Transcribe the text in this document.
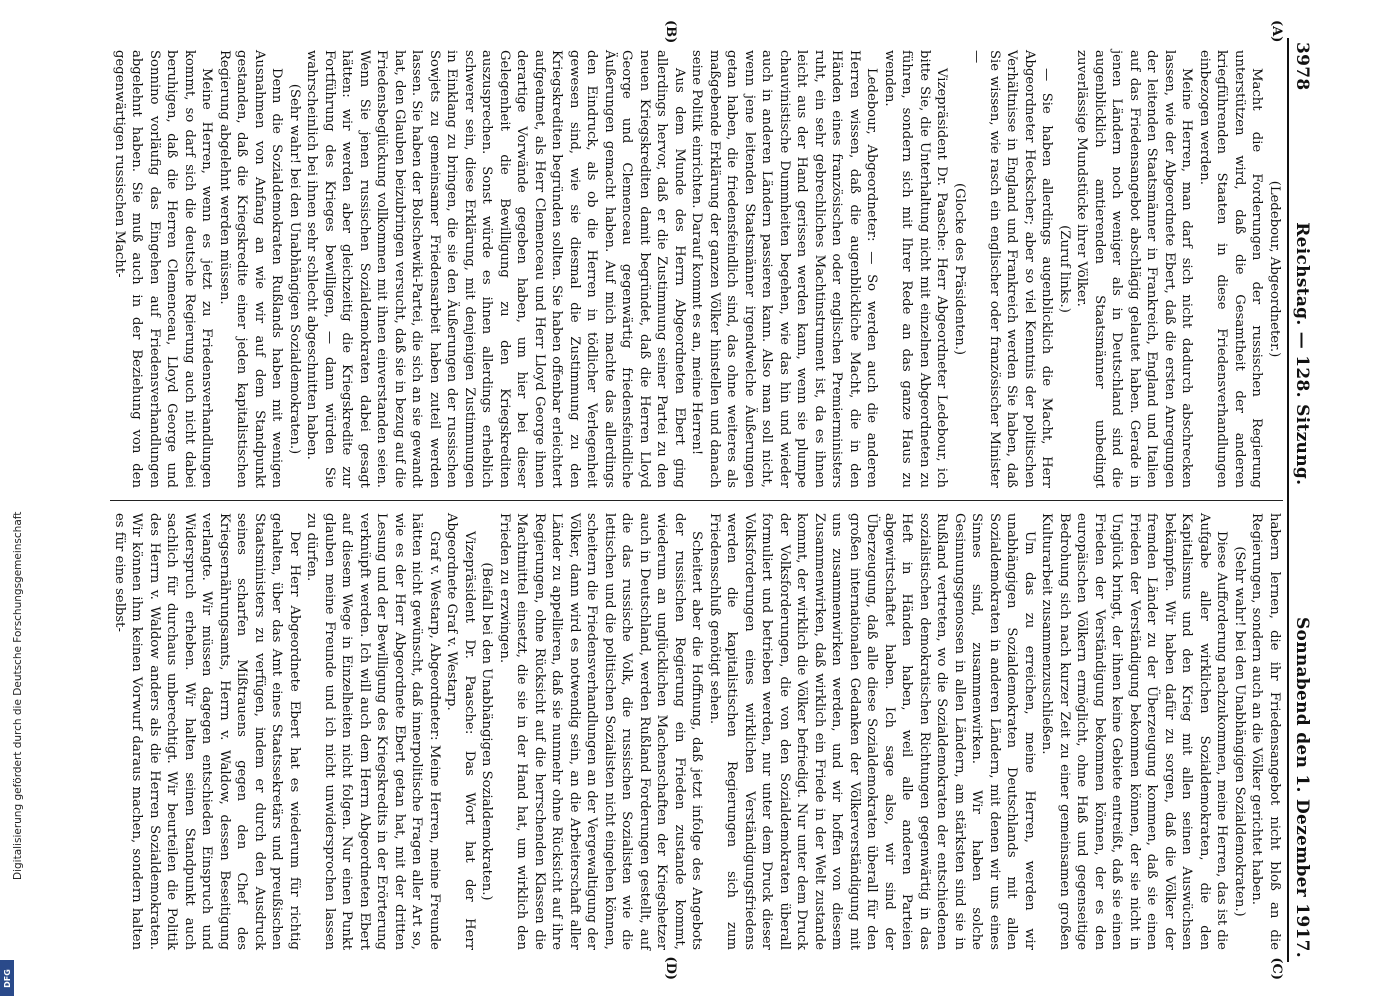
3978
Reichstag. — 128. Sitzung.
Sonnabend den 1. Dezember 1917.

(Ledebour, Abgeordneter.)

Macht die Forderungen der russischen Regierung unterstützen wird, daß die Gesamtheit der anderen kriegführenden Staaten in diese Friedensverhandlungen einbezogen werden.

Meine Herren, man darf sich nicht dadurch abschrecken lassen, wie der Abgeordnete Ebert, daß die ersten Anregungen der leitenden Staatsmänner in Frankreich, England und Italien auf das Friedensangebot abschlägig gelautet haben. Gerade in jenen Ländern noch weniger als in Deutschland sind die augenblicklich amtierenden Staatsmänner unbedingt zuverlässige Mundstücke ihrer Völker.

(Zuruf links.)

— Sie haben allerdings augenblicklich die Macht, Herr Abgeordneter Heckscher; aber so viel Kenntnis der politischen Verhältnisse in England und Frankreich werden Sie haben, daß Sie wissen, wie rasch ein englischer oder französischer Minister —

(Glocke des Präsidenten.)

Vizepräsident Dr. Paasche: Herr Abgeordneter Ledebour, ich bitte Sie, die Unterhaltung nicht mit einzelnen Abgeordneten zu führen, sondern sich mit Ihrer Rede an das ganze Haus zu wenden.

Ledebour, Abgeordneter: — So werden auch die anderen Herren wissen, daß die augenblickliche Macht, die in den Händen eines französischen oder englischen Premierministers ruht, ein sehr gebrechliches Machtinstrument ist, da es ihnen leicht aus der Hand gerissen werden kann, wenn sie plumpe chauvinistische Dummheiten begehen, wie das hin und wieder auch in anderen Ländern passieren kann. Also man soll nicht, wenn jene leitenden Staatsmänner irgendwelche Äußerungen getan haben, die friedensfeindlich sind, das ohne weiteres als maßgebende Erklärung der ganzen Völker hinstellen und danach seine Politik einrichten. Darauf kommt es an, meine Herren!

Aus dem Munde des Herrn Abgeordneten Ebert ging allerdings hervor, daß er die Zustimmung seiner Partei zu den neuen Kriegskrediten damit begründet, daß die Herren Lloyd George und Clemenceau gegenwärtig friedensfeindliche Äußerungen gemacht haben. Auf mich machte das allerdings den Eindruck, als ob die Herren in tödlicher Verlegenheit gewesen sind, wie sie diesmal die Zustimmung zu den Kriegskrediten begründen sollten. Sie haben offenbar erleichtert aufgeatmet, als Herr Clemenceau und Herr Lloyd George ihnen derartige Vorwände gegeben haben, um hier bei dieser Gelegenheit die Bewilligung zu den Kriegskrediten auszusprechen. Sonst würde es ihnen allerdings erheblich schwerer sein, diese Erklärung, mit denjenigen Zustimmungen in Einklang zu bringen, die sie den Äußerungen der russischen Sowjets zu gemeinsamer Friedensarbeit haben zuteil werden lassen. Sie haben der Bolschewiki-Partei, die sich an sie gewandt hat, den Glauben beizubringen versucht, daß sie in bezug auf die Friedensbeglückung vollkommen mit ihnen einverstanden seien. Wenn Sie jenen russischen Sozialdemokraten dabei gesagt hätten: wir werden aber gleichzeitig die Kriegskredite zur Fortführung des Krieges bewilligen, — dann würden Sie wahrscheinlich bei ihnen sehr schlecht abgeschnitten haben.

(Sehr wahr! bei den Unabhängigen Sozialdemokraten.)

Denn die Sozialdemokraten Rußlands haben mit wenigen Ausnahmen von Anfang an wie wir auf dem Standpunkt gestanden, daß die Kriegskredite einer jeden kapitalistischen Regierung abgelehnt werden müssen.

Meine Herren, wenn es jetzt zu Friedensverhandlungen kommt, so darf sich die deutsche Regierung auch nicht dabei beruhigen, daß die Herren Clemenceau, Lloyd George und Sonnino vorläufig das Eingehen auf Friedensverhandlungen abgelehnt haben. Sie muß auch in der Beziehung von den gegenwärtigen russischen Macht-

habern lernen, die ihr Friedensangebot nicht bloß an die Regierungen, sondern auch an die Völker gerichtet haben.

(Sehr wahr! bei den Unabhängigen Sozialdemokraten.)

Diese Aufforderung nachzukommen, meine Herren, das ist die Aufgabe aller wirklichen Sozialdemokraten, die den Kapitalismus und den Krieg mit allen seinen Auswüchsen bekämpfen. Wir haben dafür zu sorgen, daß die Völker der fremden Länder zu der Überzeugung kommen, daß sie einen Frieden der Verständigung bekommen können, der sie nicht in Unglück bringt, der ihnen keine Gebiete entreißt, daß sie einen Frieden der Verständigung bekommen können, der es den europäischen Völkern ermöglicht, ohne Haß und gegenseitige Bedrohung sich nach kurzer Zeit zu einer gemeinsamen großen Kulturarbeit zusammenzuschließen.

Um das zu erreichen, meine Herren, werden wir unabhängigen Sozialdemokraten Deutschlands mit allen Sozialdemokraten in anderen Ländern, mit denen wir uns eines Sinnes sind, zusammenwirken. Wir haben solche Gesinnungsgenossen in allen Ländern, am stärksten sind sie in Rußland vertreten, wo die Sozialdemokraten der entschiedenen sozialistischen demokratischen Richtungen gegenwärtig in das Heft in Händen haben, weil alle anderen Parteien abgewirtschaftet haben. Ich sage also, wir sind der Überzeugung, daß alle diese Sozialdemokraten überall für den großen internationalen Gedanken der Völkerverständigung mit uns zusammenwirken werden, und wir hoffen von diesem Zusammenwirken, daß wirklich ein Friede in der Welt zustande kommt, der wirklich die Völker befriedigt. Nur unter dem Druck der Volksforderungen, die von den Sozialdemokraten überall formuliert und betrieben werden, nur unter dem Druck dieser Volksforderungen eines wirklichen Verständigungsfriedens werden die kapitalistischen Regierungen sich zum Friedensschluß genötigt sehen.

Scheitert aber die Hoffnung, daß jetzt infolge des Angebots der russischen Regierung ein Frieden zustande kommt, wiederum an unglücklichen Machenschaften der Kriegshetzer auch in Deutschland, werden Rußland Forderungen gestellt, auf die das russische Volk, die russischen Sozialisten wie die lettischen und die politischen Sozialisten nicht eingehen können, scheitern die Friedensverhandlungen an der Vergewaltigung der Völker, dann wird es notwendig sein, an die Arbeiterschaft aller Länder zu appellieren, daß sie nunmehr ohne Rücksicht auf ihre Regierungen, ohne Rücksicht auf die herrschenden Klassen die Machtmittel einsetzt, die sie in der Hand hat, um wirklich den Frieden zu erzwingen.

(Beifall bei den Unabhängigen Sozialdemokraten.)

Vizepräsident Dr. Paasche: Das Wort hat der Herr Abgeordnete Graf v. Westarp.

Graf v. Westarp, Abgeordneter: Meine Herren, meine Freunde hätten nicht gewünscht, daß innerpolitische Fragen aller Art so, wie es der Herr Abgeordnete Ebert getan hat, mit der dritten Lesung und der Bewilligung des Kriegskredits in der Erörterung verknüpft werden. Ich will auch dem Herrn Abgeordneten Ebert auf diesem Wege in Einzelheiten nicht folgen. Nur einen Punkt glauben meine Freunde und ich nicht unwidersprochen lassen zu dürfen.

Der Herr Abgeordnete Ebert hat es wiederum für richtig gehalten, über das Amt eines Staatssekretärs und preußischen Staatsministers zu verfügen, indem er durch den Ausdruck seines scharfen Mißtrauens gegen den Chef des Kriegsernährungsamts, Herrn v. Waldow, dessen Beseitigung verlangte. Wir müssen dagegen entschieden Einspruch und Widerspruch erheben. Wir halten seinen Standpunkt auch sachlich für durchaus unberechtigt. Wir beurteilen die Politik des Herrn v. Waldow anders als die Herren Sozialdemokraten. Wir können ihm keinen Vorwurf daraus machen, sondern halten es für eine selbst-

(A)
(B)
(C)
(D)
Digitalisierung gefördert durch die Deutsche Forschungsgemeinschaft
DFG
